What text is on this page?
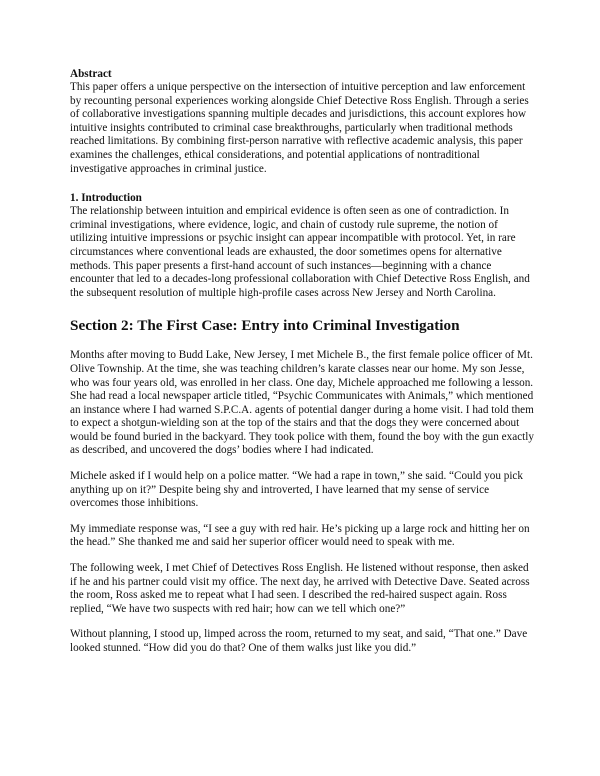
Abstract

This paper offers a unique perspective on the intersection of intuitive perception and law enforcement by recounting personal experiences working alongside Chief Detective Ross English. Through a series of collaborative investigations spanning multiple decades and jurisdictions, this account explores how intuitive insights contributed to criminal case breakthroughs, particularly when traditional methods reached limitations. By combining first-person narrative with reflective academic analysis, this paper examines the challenges, ethical considerations, and potential applications of nontraditional investigative approaches in criminal justice.

1. Introduction

The relationship between intuition and empirical evidence is often seen as one of contradiction. In criminal investigations, where evidence, logic, and chain of custody rule supreme, the notion of utilizing intuitive impressions or psychic insight can appear incompatible with protocol. Yet, in rare circumstances where conventional leads are exhausted, the door sometimes opens for alternative methods. This paper presents a first-hand account of such instances—beginning with a chance encounter that led to a decades-long professional collaboration with Chief Detective Ross English, and the subsequent resolution of multiple high-profile cases across New Jersey and North Carolina.

Section 2: The First Case: Entry into Criminal Investigation

Months after moving to Budd Lake, New Jersey, I met Michele B., the first female police officer of Mt. Olive Township. At the time, she was teaching children’s karate classes near our home. My son Jesse, who was four years old, was enrolled in her class. One day, Michele approached me following a lesson. She had read a local newspaper article titled, “Psychic Communicates with Animals,” which mentioned an instance where I had warned S.P.C.A. agents of potential danger during a home visit. I had told them to expect a shotgun-wielding son at the top of the stairs and that the dogs they were concerned about would be found buried in the backyard. They took police with them, found the boy with the gun exactly as described, and uncovered the dogs’ bodies where I had indicated.

Michele asked if I would help on a police matter. “We had a rape in town,” she said. “Could you pick anything up on it?” Despite being shy and introverted, I have learned that my sense of service overcomes those inhibitions.

My immediate response was, “I see a guy with red hair. He’s picking up a large rock and hitting her on the head.” She thanked me and said her superior officer would need to speak with me.

The following week, I met Chief of Detectives Ross English. He listened without response, then asked if he and his partner could visit my office. The next day, he arrived with Detective Dave. Seated across the room, Ross asked me to repeat what I had seen. I described the red-haired suspect again. Ross replied, “We have two suspects with red hair; how can we tell which one?”

Without planning, I stood up, limped across the room, returned to my seat, and said, “That one.” Dave looked stunned. “How did you do that? One of them walks just like you did.”
